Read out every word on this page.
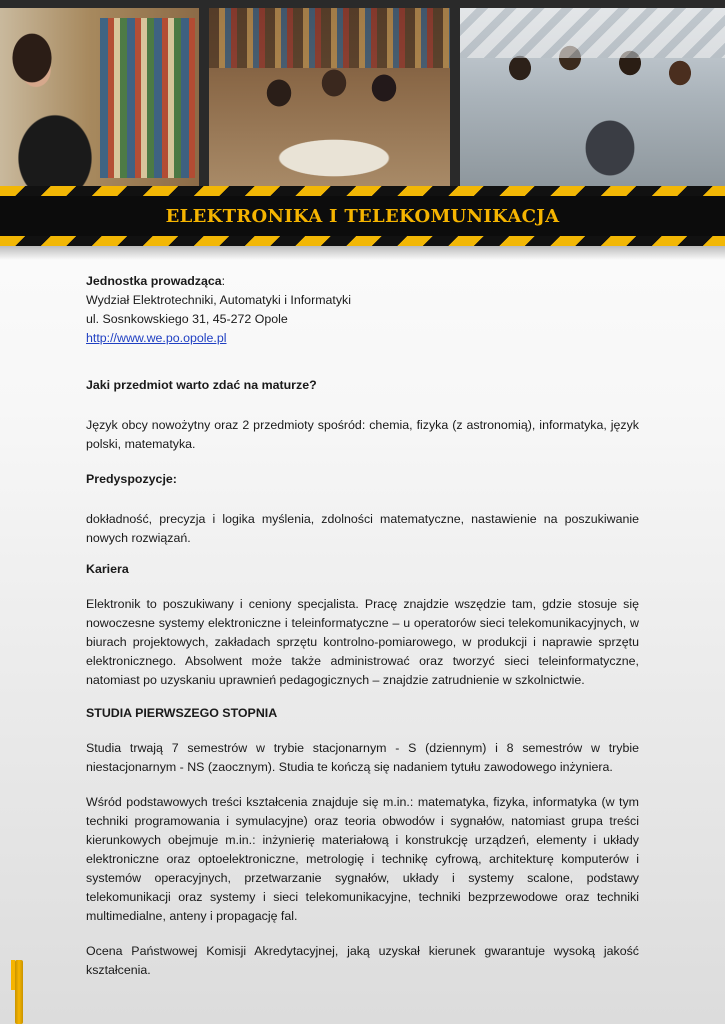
ELEKTRONIKA I TELEKOMUNIKACJA

Jednostka prowadząca:

Wydział Elektrotechniki, Automatyki i Informatyki

ul. Sosnkowskiego 31, 45-272 Opole

http://www.we.po.opole.pl

Jaki przedmiot warto zdać na maturze?

Język obcy nowożytny oraz 2 przedmioty spośród: chemia, fizyka (z astronomią), informatyka, język polski, matematyka.

Predyspozycje:

dokładność, precyzja i logika myślenia, zdolności matematyczne, nastawienie na poszukiwanie nowych rozwiązań.

Kariera

Elektronik to poszukiwany i ceniony specjalista. Pracę znajdzie wszędzie tam, gdzie stosuje się nowoczesne systemy elektroniczne i teleinformatyczne – u operatorów sieci telekomunikacyjnych, w biurach projektowych, zakładach sprzętu kontrolno-pomiarowego, w produkcji i naprawie sprzętu elektronicznego. Absolwent może także administrować oraz tworzyć sieci teleinformatyczne, natomiast po uzyskaniu uprawnień pedagogicznych – znajdzie zatrudnienie w szkolnictwie.

STUDIA PIERWSZEGO STOPNIA

Studia trwają 7 semestrów w trybie stacjonarnym - S (dziennym) i 8 semestrów w trybie niestacjonarnym - NS (zaocznym). Studia te kończą się nadaniem tytułu zawodowego inżyniera.

Wśród podstawowych treści kształcenia znajduje się m.in.: matematyka, fizyka, informatyka (w tym techniki programowania i symulacyjne) oraz teoria obwodów i sygnałów, natomiast grupa treści kierunkowych obejmuje m.in.: inżynierię materiałową i konstrukcję urządzeń, elementy i układy elektroniczne oraz optoelektroniczne, metrologię i technikę cyfrową, architekturę komputerów i systemów operacyjnych, przetwarzanie sygnałów, układy i systemy scalone, podstawy telekomunikacji oraz systemy i sieci telekomunikacyjne, techniki bezprzewodowe oraz techniki multimedialne, anteny i propagację fal.

Ocena Państwowej Komisji Akredytacyjnej, jaką uzyskał kierunek gwarantuje wysoką jakość kształcenia.
